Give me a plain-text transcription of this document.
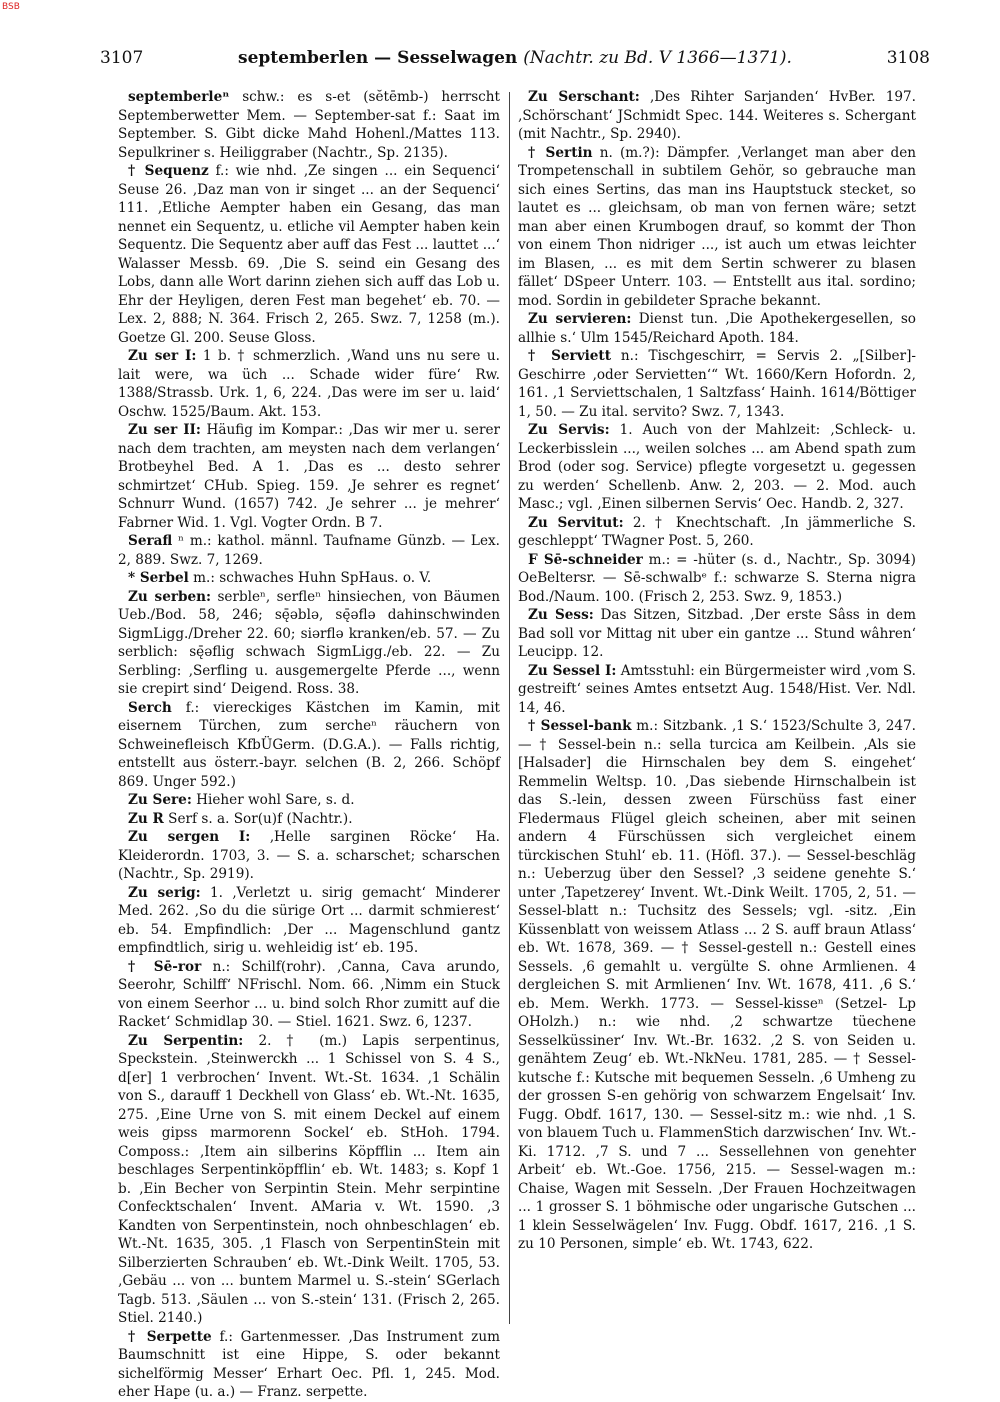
BSB
3107	septemberlen — Sesselwagen (Nachtr. zu Bd. V 1366—1371).	3108

septemberleⁿ schw.: es s-et (sĕtēmb-) herrscht Septemberwetter Mem. — September-sat f.: Saat im September. S. Gibt dicke Mahd Hohenl./Mattes 113. Sepulkriner s. Heiliggraber (Nachtr., Sp. 2135).

† Sequenz f.: wie nhd. ‚Ze singen ... ein Sequenci‘ Seuse 26. ‚Daz man von ir singet ... an der Sequenci‘ 111. ‚Etliche Aempter haben ein Gesang, das man nennet ein Sequentz, u. etliche vil Aempter haben kein Sequentz. Die Sequentz aber auff das Fest ... lauttet ...‘ Walasser Messb. 69. ‚Die S. seind ein Gesang des Lobs, dann alle Wort darinn ziehen sich auff das Lob u. Ehr der Heyligen, deren Fest man begehet‘ eb. 70. — Lex. 2, 888; N. 364. Frisch 2, 265. Swz. 7, 1258 (m.). Goetze Gl. 200. Seuse Gloss.

Zu ser I: 1 b. † schmerzlich. ‚Wand uns nu sere u. lait were, wa üch ... Schade wider füre‘ Rw. 1388/Strassb. Urk. 1, 6, 224. ‚Das were im ser u. laid‘ Oschw. 1525/Baum. Akt. 153.

Zu ser II: Häufig im Kompar.: ‚Das wir mer u. serer nach dem trachten, am meysten nach dem verlangen‘ Brotbeyhel Bed. A 1. ‚Das es ... desto sehrer schmirtzet‘ CHub. Spieg. 159. ‚Je sehrer es regnet‘ Schnurr Wund. (1657) 742. ‚Je sehrer ... je mehrer‘ Fabrner Wid. 1. Vgl. Vogter Ordn. B 7.

Serafl ⁿ m.: kathol. männl. Taufname Günzb. — Lex. 2, 889. Swz. 7, 1269.

* Serbel m.: schwaches Huhn SpHaus. o. V.

Zu serben: serbleⁿ, serfleⁿ hinsiechen, von Bäumen Ueb./Bod. 58, 246; sę̄əblə, sę̄əflə dahinschwinden SigmLigg./Dreher 22. 60; siərflə kranken/eb. 57. — Zu serblich: sę̄əflig schwach SigmLigg./eb. 22. — Zu Serbling: ‚Serfling u. ausgemergelte Pferde ..., wenn sie crepirt sind‘ Deigend. Ross. 38.

Serch f.: viereckiges Kästchen im Kamin, mit eisernem Türchen, zum sercheⁿ räuchern von Schweinefleisch KfbÜGerm. (D.G.A.). — Falls richtig, entstellt aus österr.-bayr. selchen (B. 2, 266. Schöpf 869. Unger 592.)

Zu Sere: Hieher wohl Sare, s. d.

Zu R Serf s. a. Sor(u)f (Nachtr.).

Zu sergen I: ‚Helle sarginen Röcke‘ Ha. Kleiderordn. 1703, 3. — S. a. scharschet; scharschen (Nachtr., Sp. 2919).

Zu serig: 1. ‚Verletzt u. sirig gemacht‘ Minderer Med. 262. ‚So du die sürige Ort ... darmit schmierest‘ eb. 54. Empfindlich: ‚Der ... Magenschlund gantz empfindtlich, sirig u. wehleidig ist‘ eb. 195.

† Sē-ror n.: Schilf(rohr). ‚Canna, Cava arundo, Seerohr, Schilff‘ NFrischl. Nom. 66. ‚Nimm ein Stuck von einem Seerhor ... u. bind solch Rhor zumitt auf die Racket‘ Schmidlap 30. — Stiel. 1621. Swz. 6, 1237.

Zu Serpentin: 2. † (m.) Lapis serpentinus, Speckstein. ‚Steinwerckh ... 1 Schissel von S. 4 S., d[er] 1 verbrochen‘ Invent. Wt.-St. 1634. ‚1 Schälin von S., darauff 1 Deckhell von Glass‘ eb. Wt.-Nt. 1635, 275. ‚Eine Urne von S. mit einem Deckel auf einem weis gipss marmorenn Sockel‘ eb. StHoh. 1794. Composs.: ‚Item ain silberins Köpfflin ... Item ain beschlages Serpentinköpfflin‘ eb. Wt. 1483; s. Kopf 1 b. ‚Ein Becher von Serpintin Stein. Mehr serpintine Confecktschalen‘ Invent. AMaria v. Wt. 1590. ‚3 Kandten von Serpentinstein, noch ohnbeschlagen‘ eb. Wt.-Nt. 1635, 305. ‚1 Flasch von SerpentinStein mit Silberzierten Schrauben‘ eb. Wt.-Dink Weilt. 1705, 53. ‚Gebäu ... von ... buntem Marmel u. S.-stein‘ SGerlach Tagb. 513. ‚Säulen ... von S.-stein‘ 131. (Frisch 2, 265. Stiel. 2140.)

† Serpette f.: Gartenmesser. ‚Das Instrument zum Baumschnitt ist eine Hippe, S. oder bekannt sichelförmig Messer‘ Erhart Oec. Pfl. 1, 245. Mod. eher Hape (u. a.) — Franz. serpette.

Zu Serschant: ‚Des Rihter Sarjanden‘ HvBer. 197. ‚Schörschant‘ JSchmidt Spec. 144. Weiteres s. Schergant (mit Nachtr., Sp. 2940).

† Sertin n. (m.?): Dämpfer. ‚Verlanget man aber den Trompetenschall in subtilem Gehör, so gebrauche man sich eines Sertins, das man ins Hauptstuck stecket, so lautet es ... gleichsam, ob man von fernen wäre; setzt man aber einen Krumbogen drauf, so kommt der Thon von einem Thon nidriger ..., ist auch um etwas leichter im Blasen, ... es mit dem Sertin schwerer zu blasen fället‘ DSpeer Unterr. 103. — Entstellt aus ital. sordino; mod. Sordin in gebildeter Sprache bekannt.

Zu servieren: Dienst tun. ‚Die Apothekergesellen, so allhie s.‘ Ulm 1545/Reichard Apoth. 184.

† Serviett n.: Tischgeschirr, = Servis 2. „[Silber]-Geschirre ‚oder Servietten‘“ Wt. 1660/Kern Hofordn. 2, 161. ‚1 Serviettschalen, 1 Saltzfass‘ Hainh. 1614/Böttiger 1, 50. — Zu ital. servito? Swz. 7, 1343.

Zu Servis: 1. Auch von der Mahlzeit: ‚Schleck- u. Leckerbisslein ..., weilen solches ... am Abend spath zum Brod (oder sog. Service) pflegte vorgesetzt u. gegessen zu werden‘ Schellenb. Anw. 2, 203. — 2. Mod. auch Masc.; vgl. ‚Einen silbernen Servis‘ Oec. Handb. 2, 327.

Zu Servitut: 2. † Knechtschaft. ‚In jämmerliche S. geschleppt‘ TWagner Post. 5, 260.

F Sē-schneider m.: = -hüter (s. d., Nachtr., Sp. 3094) OeBeltersr. — Sē-schwalbᵉ f.: schwarze S. Sterna nigra Bod./Naum. 100. (Frisch 2, 253. Swz. 9, 1853.)

Zu Sess: Das Sitzen, Sitzbad. ‚Der erste Sâss in dem Bad soll vor Mittag nit uber ein gantze ... Stund wâhren‘ Leucipp. 12.

Zu Sessel I: Amtsstuhl: ein Bürgermeister wird ‚vom S. gestreift‘ seines Amtes entsetzt Aug. 1548/Hist. Ver. Ndl. 14, 46.

† Sessel-bank m.: Sitzbank. ‚1 S.‘ 1523/Schulte 3, 247. — † Sessel-bein n.: sella turcica am Keilbein. ‚Als sie [Halsader] die Hirnschalen bey dem S. eingehet‘ Remmelin Weltsp. 10. ‚Das siebende Hirnschalbein ist das S.-lein, dessen zween Fürschüss fast einer Fledermaus Flügel gleich scheinen, aber mit seinen andern 4 Fürschüssen sich vergleichet einem türckischen Stuhl‘ eb. 11. (Höfl. 37.). — Sessel-beschläg n.: Ueberzug über den Sessel? ‚3 seidene genehte S.‘ unter ‚Tapetzerey‘ Invent. Wt.-Dink Weilt. 1705, 2, 51. — Sessel-blatt n.: Tuchsitz des Sessels; vgl. -sitz. ‚Ein Küssenblatt von weissem Atlass ... 2 S. auff braun Atlass‘ eb. Wt. 1678, 369. — † Sessel-gestell n.: Gestell eines Sessels. ‚6 gemahlt u. vergülte S. ohne Armlienen. 4 dergleichen S. mit Armlienen‘ Inv. Wt. 1678, 411. ‚6 S.‘ eb. Mem. Werkh. 1773. — Sessel-kisseⁿ (Setzel- Lp OHolzh.) n.: wie nhd. ‚2 schwartze tüechene Sesselküssiner‘ Inv. Wt.-Br. 1632. ‚2 S. von Seiden u. genähtem Zeug‘ eb. Wt.-NkNeu. 1781, 285. — † Sessel-kutsche f.: Kutsche mit bequemen Sesseln. ‚6 Umheng zu der grossen S-en gehörig von schwarzem Engelsait‘ Inv. Fugg. Obdf. 1617, 130. — Sessel-sitz m.: wie nhd. ‚1 S. von blauem Tuch u. FlammenStich darzwischen‘ Inv. Wt.-Ki. 1712. ‚7 S. und 7 ... Sessellehnen von genehter Arbeit‘ eb. Wt.-Goe. 1756, 215. — Sessel-wagen m.: Chaise, Wagen mit Sesseln. ‚Der Frauen Hochzeitwagen ... 1 grosser S. 1 böhmische oder ungarische Gutschen ... 1 klein Sesselwägelen‘ Inv. Fugg. Obdf. 1617, 216. ‚1 S. zu 10 Personen, simple‘ eb. Wt. 1743, 622.
